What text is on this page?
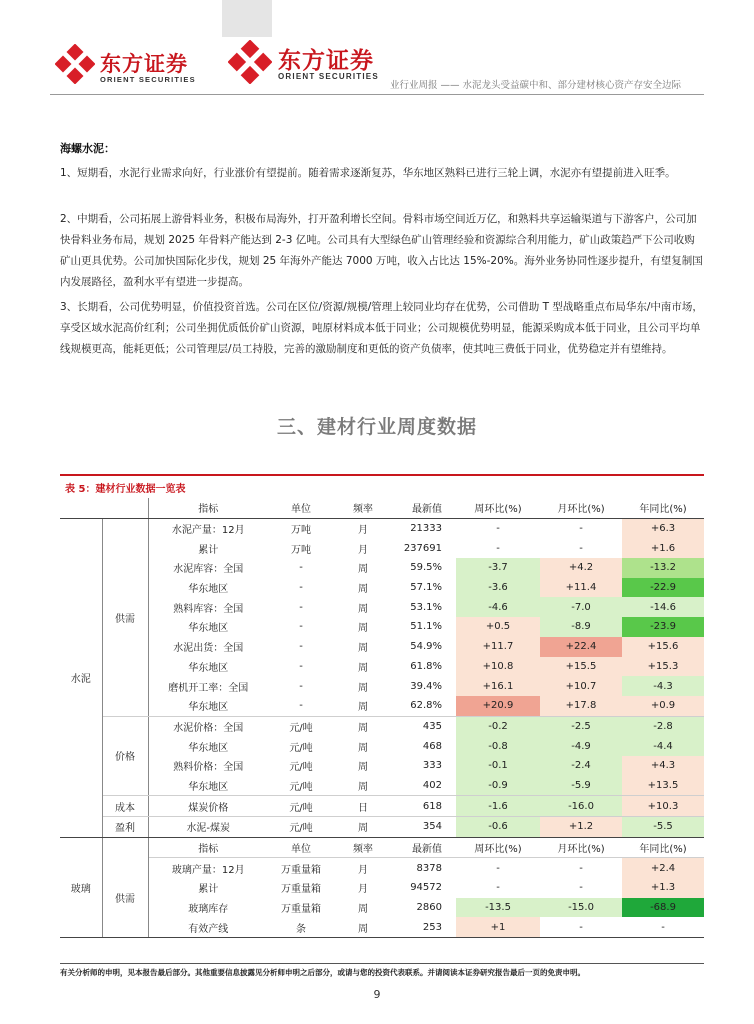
东方证券
ORIENT SECURITIES
东方证券
ORIENT SECURITIES
业行业周报 —— 水泥龙头受益碳中和、部分建材核心资产存安全边际
海螺水泥：
1、短期看，水泥行业需求向好，行业涨价有望提前。随着需求逐渐复苏，华东地区熟料已进行三轮上调，水泥亦有望提前进入旺季。
2、中期看，公司拓展上游骨料业务，积极布局海外，打开盈利增长空间。骨料市场空间近万亿，和熟料共享运输渠道与下游客户，公司加快骨料业务布局，规划 2025 年骨料产能达到 2-3 亿吨。公司具有大型绿色矿山管理经验和资源综合利用能力，矿山政策趋严下公司收购矿山更具优势。公司加快国际化步伐，规划 25 年海外产能达 7000 万吨，收入占比达 15%-20%。海外业务协同性逐步提升，有望复制国内发展路径，盈利水平有望进一步提高。
3、长期看，公司优势明显，价值投资首选。公司在区位/资源/规模/管理上较同业均存在优势，公司借助 T 型战略重点布局华东/中南市场，享受区域水泥高价红利；公司坐拥优质低价矿山资源，吨原材料成本低于同业；公司规模优势明显，能源采购成本低于同业，且公司平均单线规模更高，能耗更低；公司管理层/员工持股，完善的激励制度和更低的资产负债率，使其吨三费低于同业，优势稳定并有望维持。
三、建材行业周度数据
表 5：建材行业数据一览表
		指标	单位	频率	最新值	周环比(%)	月环比(%)	年同比(%)
水泥	供需	水泥产量：12月	万吨	月	21333	-	-	+6.3
		累计	万吨	月	237691	-	-	+1.6
		水泥库容：全国	-	周	59.5%	-3.7	+4.2	-13.2
		华东地区	-	周	57.1%	-3.6	+11.4	-22.9
		熟料库容：全国	-	周	53.1%	-4.6	-7.0	-14.6
		华东地区	-	周	51.1%	+0.5	-8.9	-23.9
		水泥出货：全国	-	周	54.9%	+11.7	+22.4	+15.6
		华东地区	-	周	61.8%	+10.8	+15.5	+15.3
		磨机开工率：全国	-	周	39.4%	+16.1	+10.7	-4.3
		华东地区	-	周	62.8%	+20.9	+17.8	+0.9
	价格	水泥价格：全国	元/吨	周	435	-0.2	-2.5	-2.8
		华东地区	元/吨	周	468	-0.8	-4.9	-4.4
		熟料价格：全国	元/吨	周	333	-0.1	-2.4	+4.3
		华东地区	元/吨	周	402	-0.9	-5.9	+13.5
	成本	煤炭价格	元/吨	日	618	-1.6	-16.0	+10.3
	盈利	水泥-煤炭	元/吨	周	354	-0.6	+1.2	-5.5
玻璃		指标	单位	频率	最新值	周环比(%)	月环比(%)	年同比(%)
	供需	玻璃产量：12月	万重量箱	月	8378	-	-	+2.4
		累计	万重量箱	月	94572	-	-	+1.3
		玻璃库存	万重量箱	周	2860	-13.5	-15.0	-68.9
		有效产线	条	周	253	+1	-	-
有关分析师的申明，见本报告最后部分。其他重要信息披露见分析师申明之后部分，或请与您的投资代表联系。并请阅读本证券研究报告最后一页的免责申明。
9
